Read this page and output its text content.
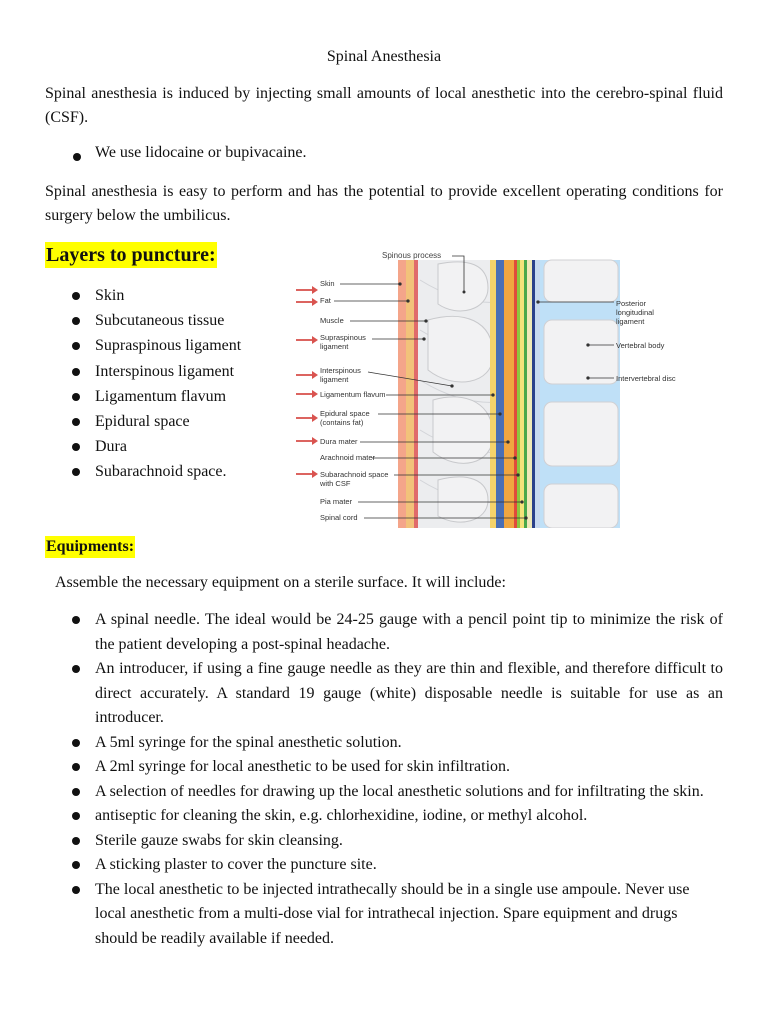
Spinal Anesthesia
Spinal anesthesia is induced by injecting small amounts of local anesthetic into the cerebro-spinal fluid (CSF).
We use lidocaine or bupivacaine.
Spinal anesthesia is easy to perform and has the potential to provide excellent operating conditions for surgery below the umbilicus.
Layers to puncture:
Skin
Subcutaneous tissue
Supraspinous ligament
Interspinous ligament
Ligamentum flavum
Epidural space
Dura
Subarachnoid space.
Spinous process
Skin
Fat
Muscle
Supraspinous
ligament
Interspinous
ligament
Ligamentum flavum
Epidural space
(contains fat)
Dura mater
Arachnoid mater
Subarachnoid space
with CSF
Pia mater
Spinal cord
Posterior
longitudinal
ligament
Vertebral body
Intervertebral disc
Equipments:
Assemble the necessary equipment on a sterile surface. It will include:
A spinal needle. The ideal would be 24-25 gauge with a pencil point tip to minimize the risk of the patient developing a post-spinal headache.
An introducer, if using a fine gauge needle as they are thin and flexible, and therefore difficult to direct accurately. A standard 19 gauge (white) disposable needle is suitable for use as an introducer.
A 5ml syringe for the spinal anesthetic solution.
A 2ml syringe for local anesthetic to be used for skin infiltration.
A selection of needles for drawing up the local anesthetic solutions and for infiltrating the skin.
antiseptic for cleaning the skin, e.g. chlorhexidine, iodine, or methyl alcohol.
Sterile gauze swabs for skin cleansing.
A sticking plaster to cover the puncture site.
The local anesthetic to be injected intrathecally should be in a single use ampoule. Never use local anesthetic from a multi-dose vial for intrathecal injection. Spare equipment and drugs should be readily available if needed.
